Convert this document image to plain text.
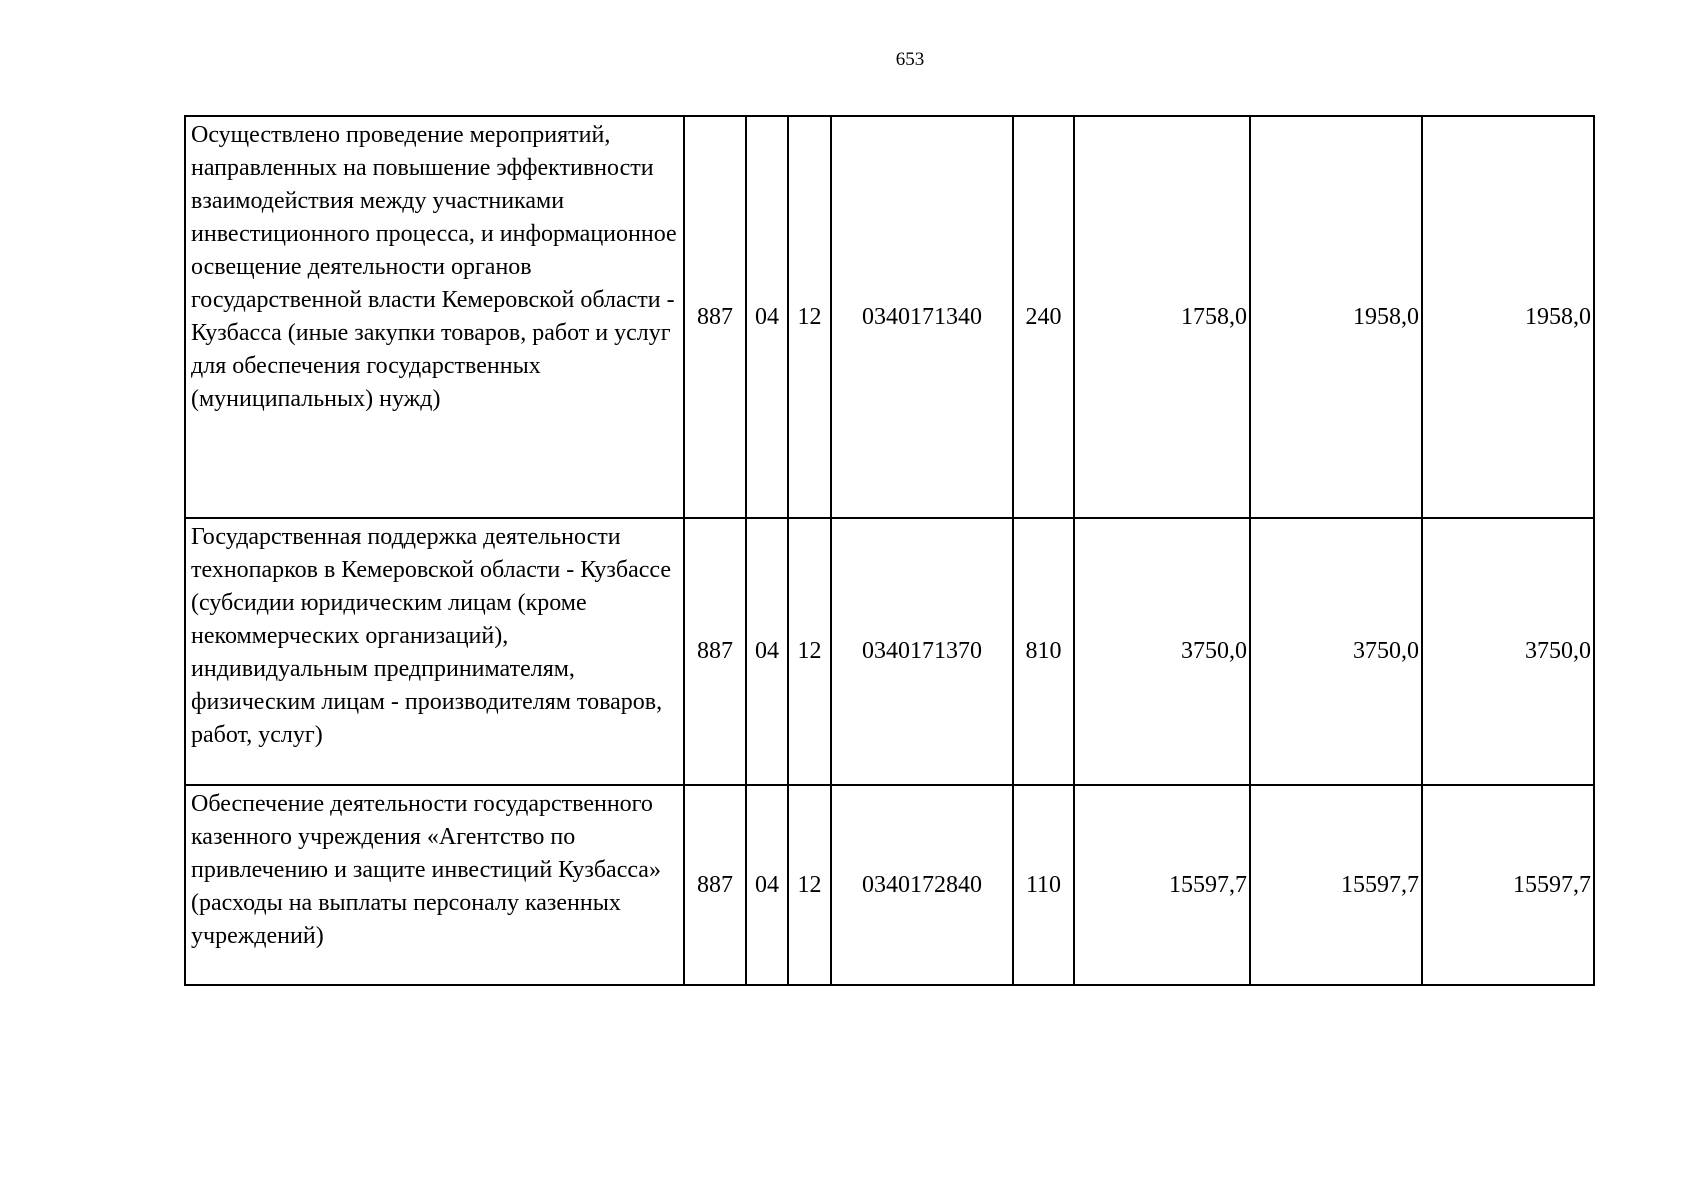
653
Осуществлено проведение мероприятий, направленных на повышение эффективности взаимодействия между участниками инвестиционного процесса, и информационное освещение деятельности органов государственной власти Кемеровской области - Кузбасса (иные закупки товаров, работ и услуг для обеспечения государственных (муниципальных) нужд)	887	04	12	0340171340	240	1758,0	1958,0	1958,0
Государственная поддержка деятельности технопарков в Кемеровской области - Кузбассе (субсидии юридическим лицам (кроме некоммерческих организаций), индивидуальным предпринимателям, физическим лицам - производителям товаров, работ, услуг)	887	04	12	0340171370	810	3750,0	3750,0	3750,0
Обеспечение деятельности государственного казенного учреждения «Агентство по привлечению и защите инвестиций Кузбасса» (расходы на выплаты персоналу казенных учреждений)	887	04	12	0340172840	110	15597,7	15597,7	15597,7
